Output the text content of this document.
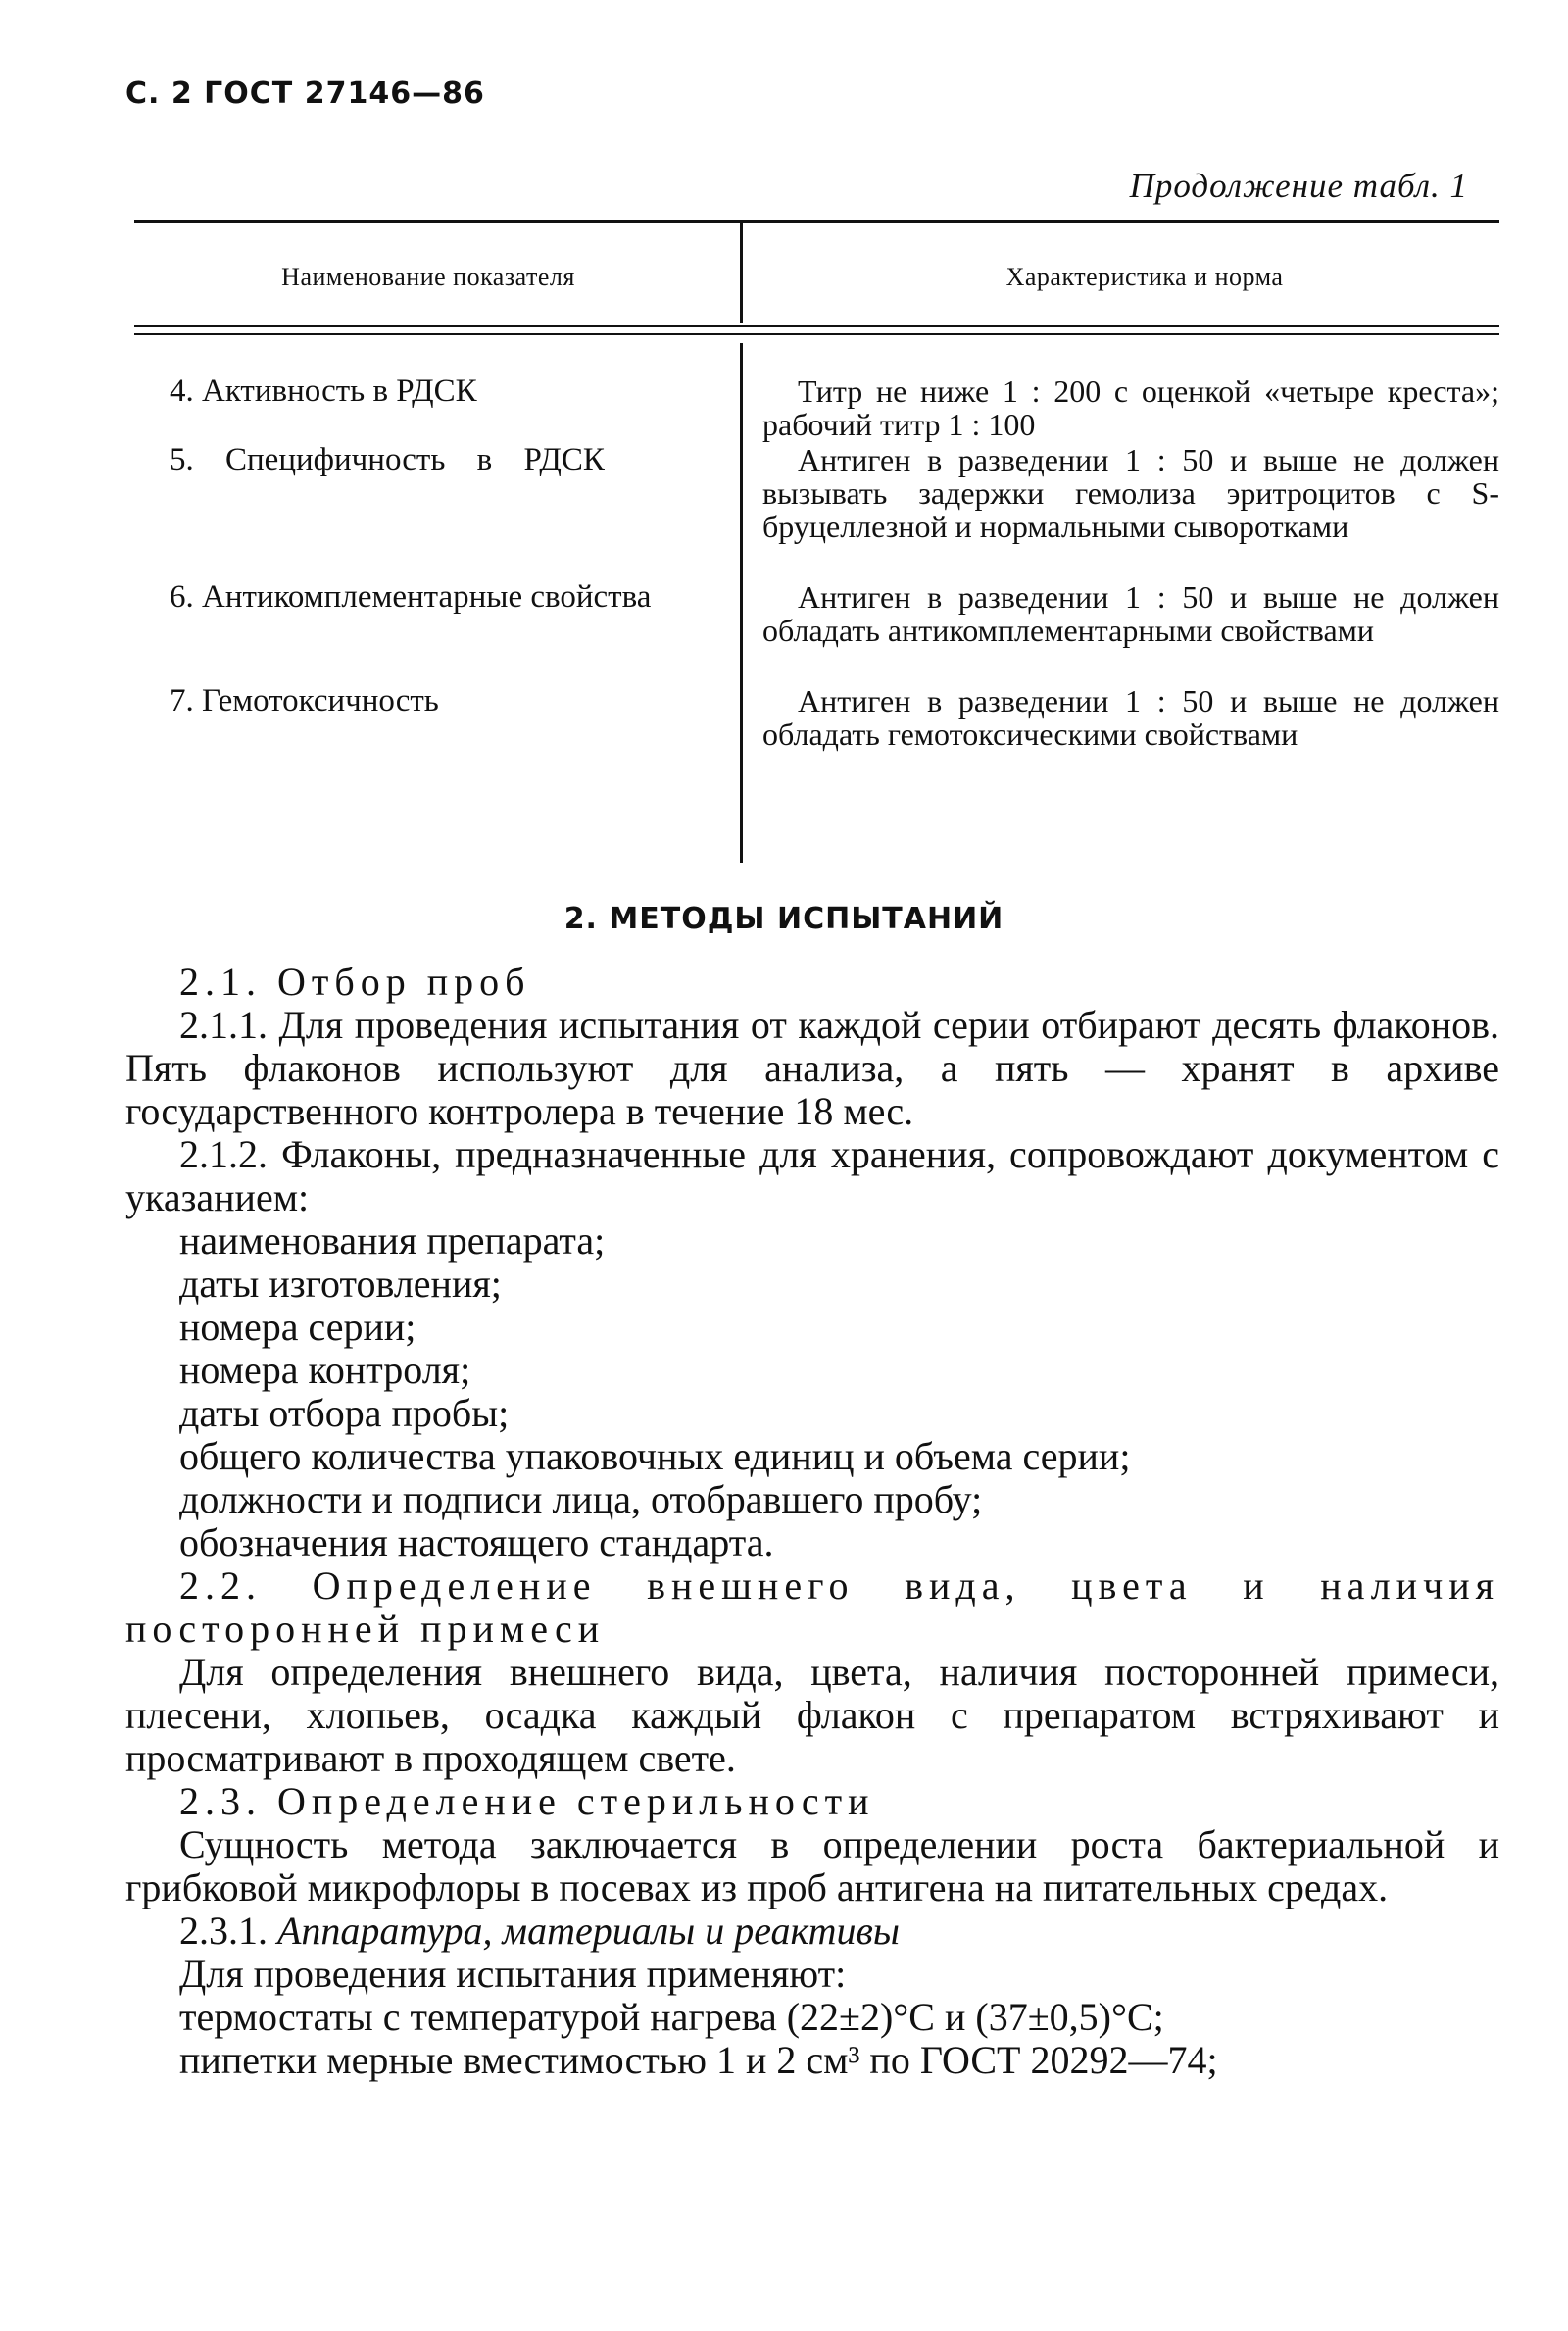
С. 2 ГОСТ 27146—86
Продолжение табл. 1
Наименование показателя	Характеристика и норма
4. Активность в РДСК	Титр не ниже 1 : 200 с оценкой «четыре креста»; рабочий титр 1 : 100
5. Специфичность в РДСК	Антиген в разведении 1 : 50 и выше не должен вызывать задержки гемолиза эритроцитов с S-бруцеллезной и нормальными сыворотками
6. Антикомплементарные свойства	Антиген в разведении 1 : 50 и выше не должен обладать антикомплементарными свойствами
7. Гемотоксичность	Антиген в разведении 1 : 50 и выше не должен обладать гемотоксическими свойствами
2. МЕТОДЫ ИСПЫТАНИЙ

2.1. Отбор проб

2.1.1. Для проведения испытания от каждой серии отбирают десять флаконов. Пять флаконов используют для анализа, а пять — хранят в архиве государственного контролера в течение 18 мес.

2.1.2. Флаконы, предназначенные для хранения, сопровождают документом с указанием:

наименования препарата;

даты изготовления;

номера серии;

номера контроля;

даты отбора пробы;

общего количества упаковочных единиц и объема серии;

должности и подписи лица, отобравшего пробу;

обозначения настоящего стандарта.

2.2. Определение внешнего вида, цвета и наличия посторонней примеси

Для определения внешнего вида, цвета, наличия посторонней примеси, плесени, хлопьев, осадка каждый флакон с препаратом встряхивают и просматривают в проходящем свете.

2.3. Определение стерильности

Сущность метода заключается в определении роста бактериальной и грибковой микрофлоры в посевах из проб антигена на питательных средах.

2.3.1. Аппаратура, материалы и реактивы

Для проведения испытания применяют:

термостаты с температурой нагрева (22±2)°С и (37±0,5)°С;

пипетки мерные вместимостью 1 и 2 см³ по ГОСТ 20292—74;
